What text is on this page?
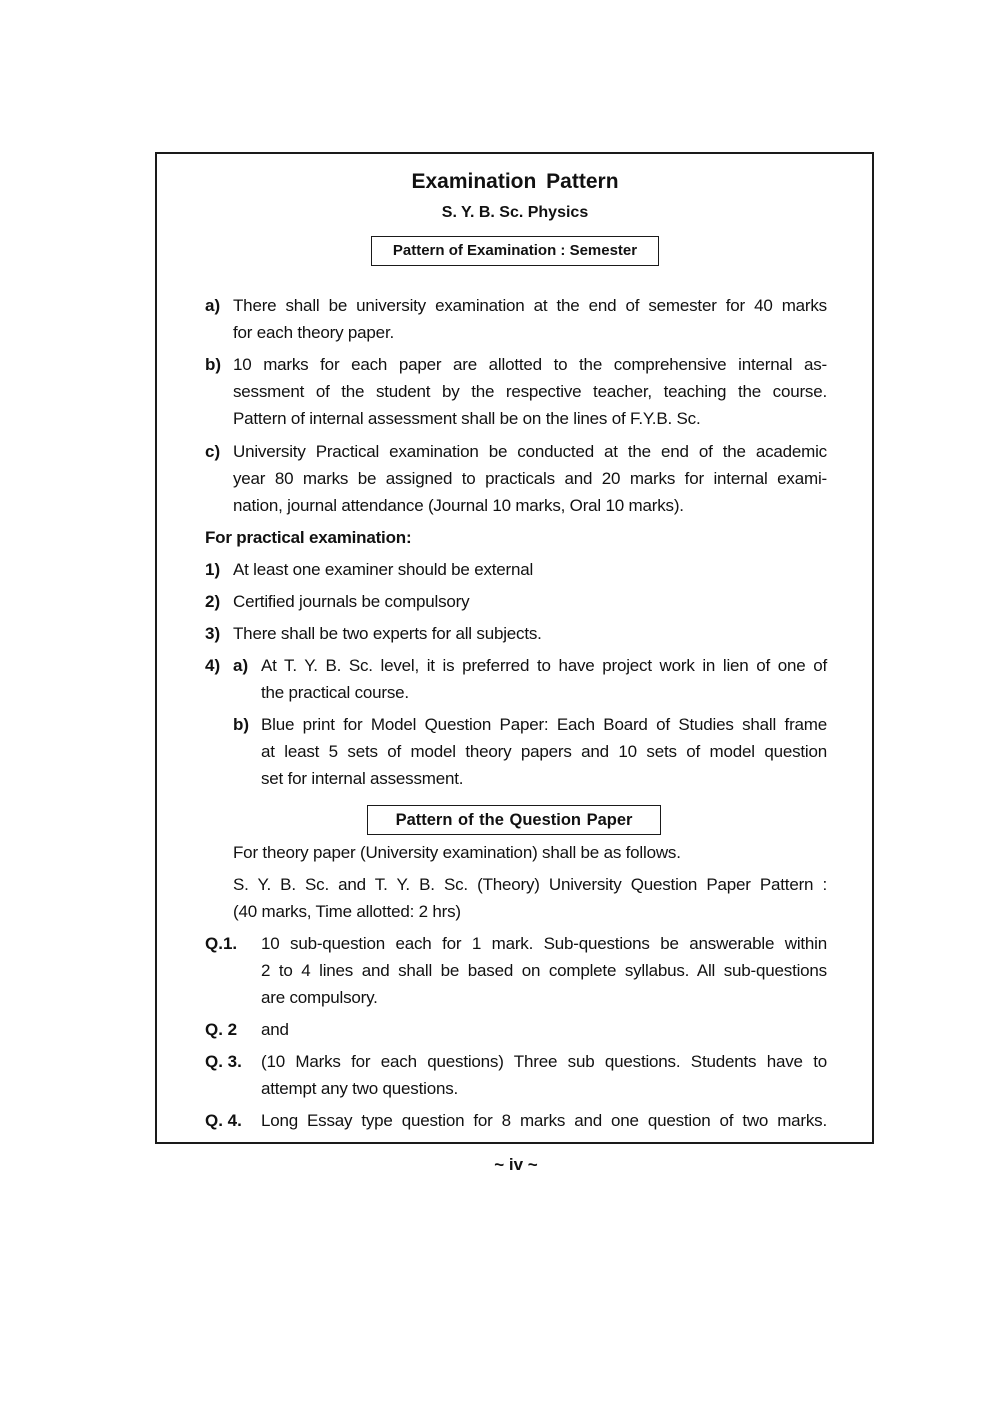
Examination Pattern
S. Y. B. Sc. Physics
Pattern of Examination : Semester
a) There shall be university examination at the end of semester for 40 marks
for each theory paper.
b) 10 marks for each paper are allotted to the comprehensive internal as-
sessment of the student by the respective teacher, teaching the course.
Pattern of internal assessment shall be on the lines of F.Y.B. Sc.
c) University Practical examination be conducted at the end of the academic
year 80 marks be assigned to practicals and 20 marks for internal exami-
nation, journal attendance (Journal 10 marks, Oral 10 marks).
For practical examination:
1) At least one examiner should be external
2) Certified journals be compulsory
3) There shall be two experts for all subjects.
4) a) At T. Y. B. Sc. level, it is preferred to have project work in lien of one of
the practical course.
b) Blue print for Model Question Paper: Each Board of Studies shall frame
at least 5 sets of model theory papers and 10 sets of model question
set for internal assessment.
Pattern of the Question Paper
For theory paper (University examination) shall be as follows.
S. Y. B. Sc. and T. Y. B. Sc. (Theory) University Question Paper Pattern :
(40 marks, Time allotted: 2 hrs)
Q.1. 10 sub-question each for 1 mark. Sub-questions be answerable within
2 to 4 lines and shall be based on complete syllabus. All sub-questions
are compulsory.
Q. 2 and
Q. 3. (10 Marks for each questions) Three sub questions. Students have to
attempt any two questions.
Q. 4. Long Essay type question for 8 marks and one question of two marks.
~ iv ~
